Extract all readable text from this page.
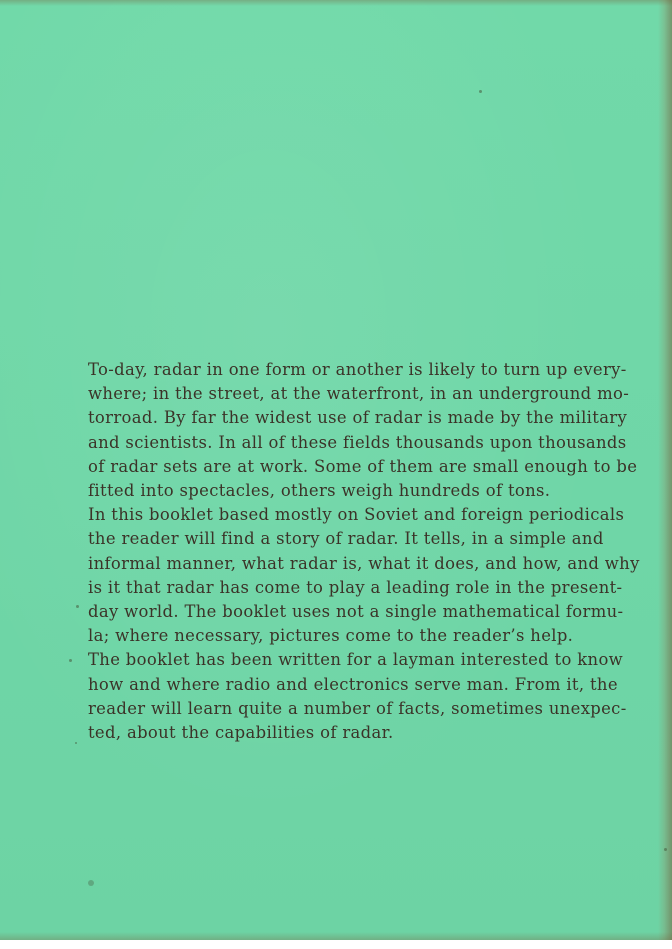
To-day, radar in one form or another is likely to turn up every-
where; in the street, at the waterfront, in an underground mo-
torroad. By far the widest use of radar is made by the military
and scientists. In all of these fields thousands upon thousands
of radar sets are at work. Some of them are small enough to be
fitted into spectacles, others weigh hundreds of tons.
In this booklet based mostly on Soviet and foreign periodicals
the reader will find a story of radar. It tells, in a simple and
informal manner, what radar is, what it does, and how, and why
is it that radar has come to play a leading role in the present-
day world. The booklet uses not a single mathematical formu-
la; where necessary, pictures come to the reader’s help.
The booklet has been written for a layman interested to know
how and where radio and electronics serve man. From it, the
reader will learn quite a number of facts, sometimes unexpec-
ted, about the capabilities of radar.
